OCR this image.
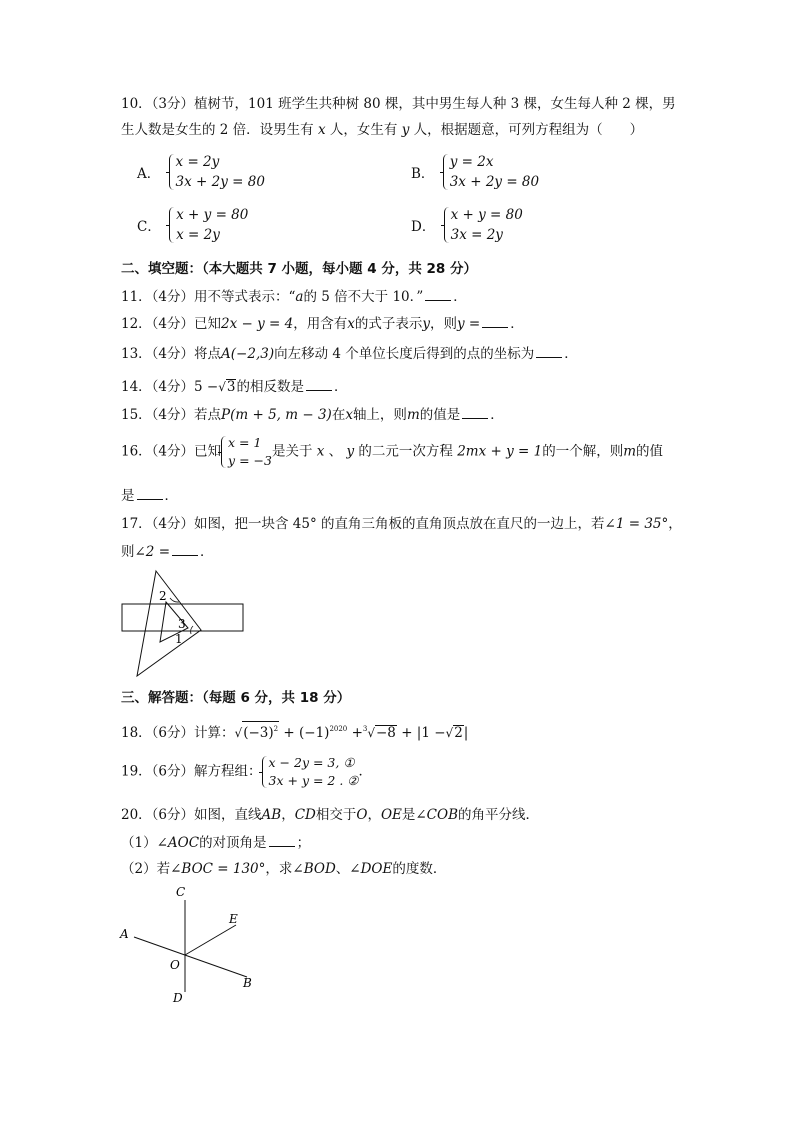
10．（3分）植树节，101 班学生共种树 80 棵，其中男生每人种 3 棵，女生每人种 2 棵，男
生人数是女生的 2 倍．设男生有 x 人，女生有 y 人，根据题意，可列方程组为（　　）
A．
x = 2y
3x + 2y = 80	B．
y = 2x
3x + 2y = 80
C．
x + y = 80
x = 2y	D．
x + y = 80
3x = 2y
二、填空题：（本大题共 7 小题，每小题 4 分，共 28 分）
11．（4分）用不等式表示：“a的 5 倍不大于 10．” ．
12．（4分）已知2x − y = 4，用含有x的式子表示y，则y = ．
13．（4分）将点A(−2,3)向左移动 4 个单位长度后得到的点的坐标为 ．
14．（4分）5 −√3的相反数是 ．
15．（4分）若点P(m + 5, m − 3)在x轴上，则m的值是 ．
16．（4分）已知
x = 1
y = −3
是关于 x 、 y 的二元一次方程 2mx + y = 1的一个解，则m的值
是 ．
17．（4分）如图，把一块含 45° 的直角三角板的直角顶点放在直尺的一边上，若∠1 = 35°，
则∠2 = ．
2
3
1
三、解答题：（每题 6 分，共 18 分）
18．（6分）计算：$√(-3)^2 + (-1)^{2020} +^3√-8 + |1 -√2|$
19．（6分）解方程组：
x − 2y = 3, ①
3x + y = 2 . ②
．
20．（6分）如图，直线AB，CD相交于O，OE是∠COB的角平分线．
（1）∠AOC的对顶角是 ；
（2）若∠BOC = 130°，求∠BOD、∠DOE的度数．
C
A
E
O
B
D
